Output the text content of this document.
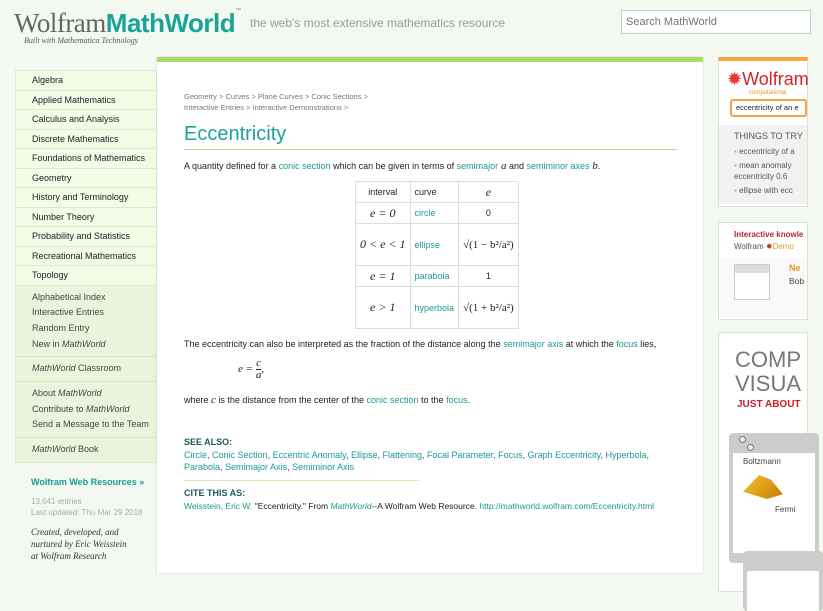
WolframMathWorld™
Built with Mathematica Technology
the web's most extensive mathematics resource
Search MathWorld
Algebra
Applied Mathematics
Calculus and Analysis
Discrete Mathematics
Foundations of Mathematics
Geometry
History and Terminology
Number Theory
Probability and Statistics
Recreational Mathematics
Topology
Alphabetical Index
Interactive Entries
Random Entry
New in MathWorld
MathWorld Classroom
About MathWorld
Contribute to MathWorld
Send a Message to the Team
MathWorld Book
Wolfram Web Resources »
13,641 entries
Last updated: Thu Mar 29 2018
Created, developed, and
nurtured by Eric Weisstein
at Wolfram Research
Geometry > Curves > Plane Curves > Conic Sections >
Interactive Entries > Interactive Demonstrations >
Eccentricity
A quantity defined for a conic section which can be given in terms of semimajor a and semiminor axes b.
interval	curve	e
e = 0	circle	0
0 < e < 1	ellipse	√(1 − b²/a²)
e = 1	parabola	1
e > 1	hyperbola	√(1 + b²/a²)
The eccentricity can also be interpreted as the fraction of the distance along the semimajor axis at which the focus lies,
$e = \frac{c}{a}$ ,
where c is the distance from the center of the conic section to the focus.
SEE ALSO:
Circle, Conic Section, Eccentric Anomaly, Ellipse, Flattening, Focal Parameter, Focus, Graph Eccentricity, Hyperbola,
Parabola, Semimajor Axis, Semiminor Axis
CITE THIS AS:
Weisstein, Eric W. "Eccentricity." From MathWorld--A Wolfram Web Resource. http://mathworld.wolfram.com/Eccentricity.html
✹Wolfram
computational
eccentricity of an e
THINGS TO TRY
▪ eccentricity of a
▪ mean anomaly eccentricity 0.6
▪ ellipse with ecc
Interactive knowle
Wolfram ✹Demo
Ne
Bob
COMP
VISUA
JUST ABOUT
Boltzmann
Fermi
